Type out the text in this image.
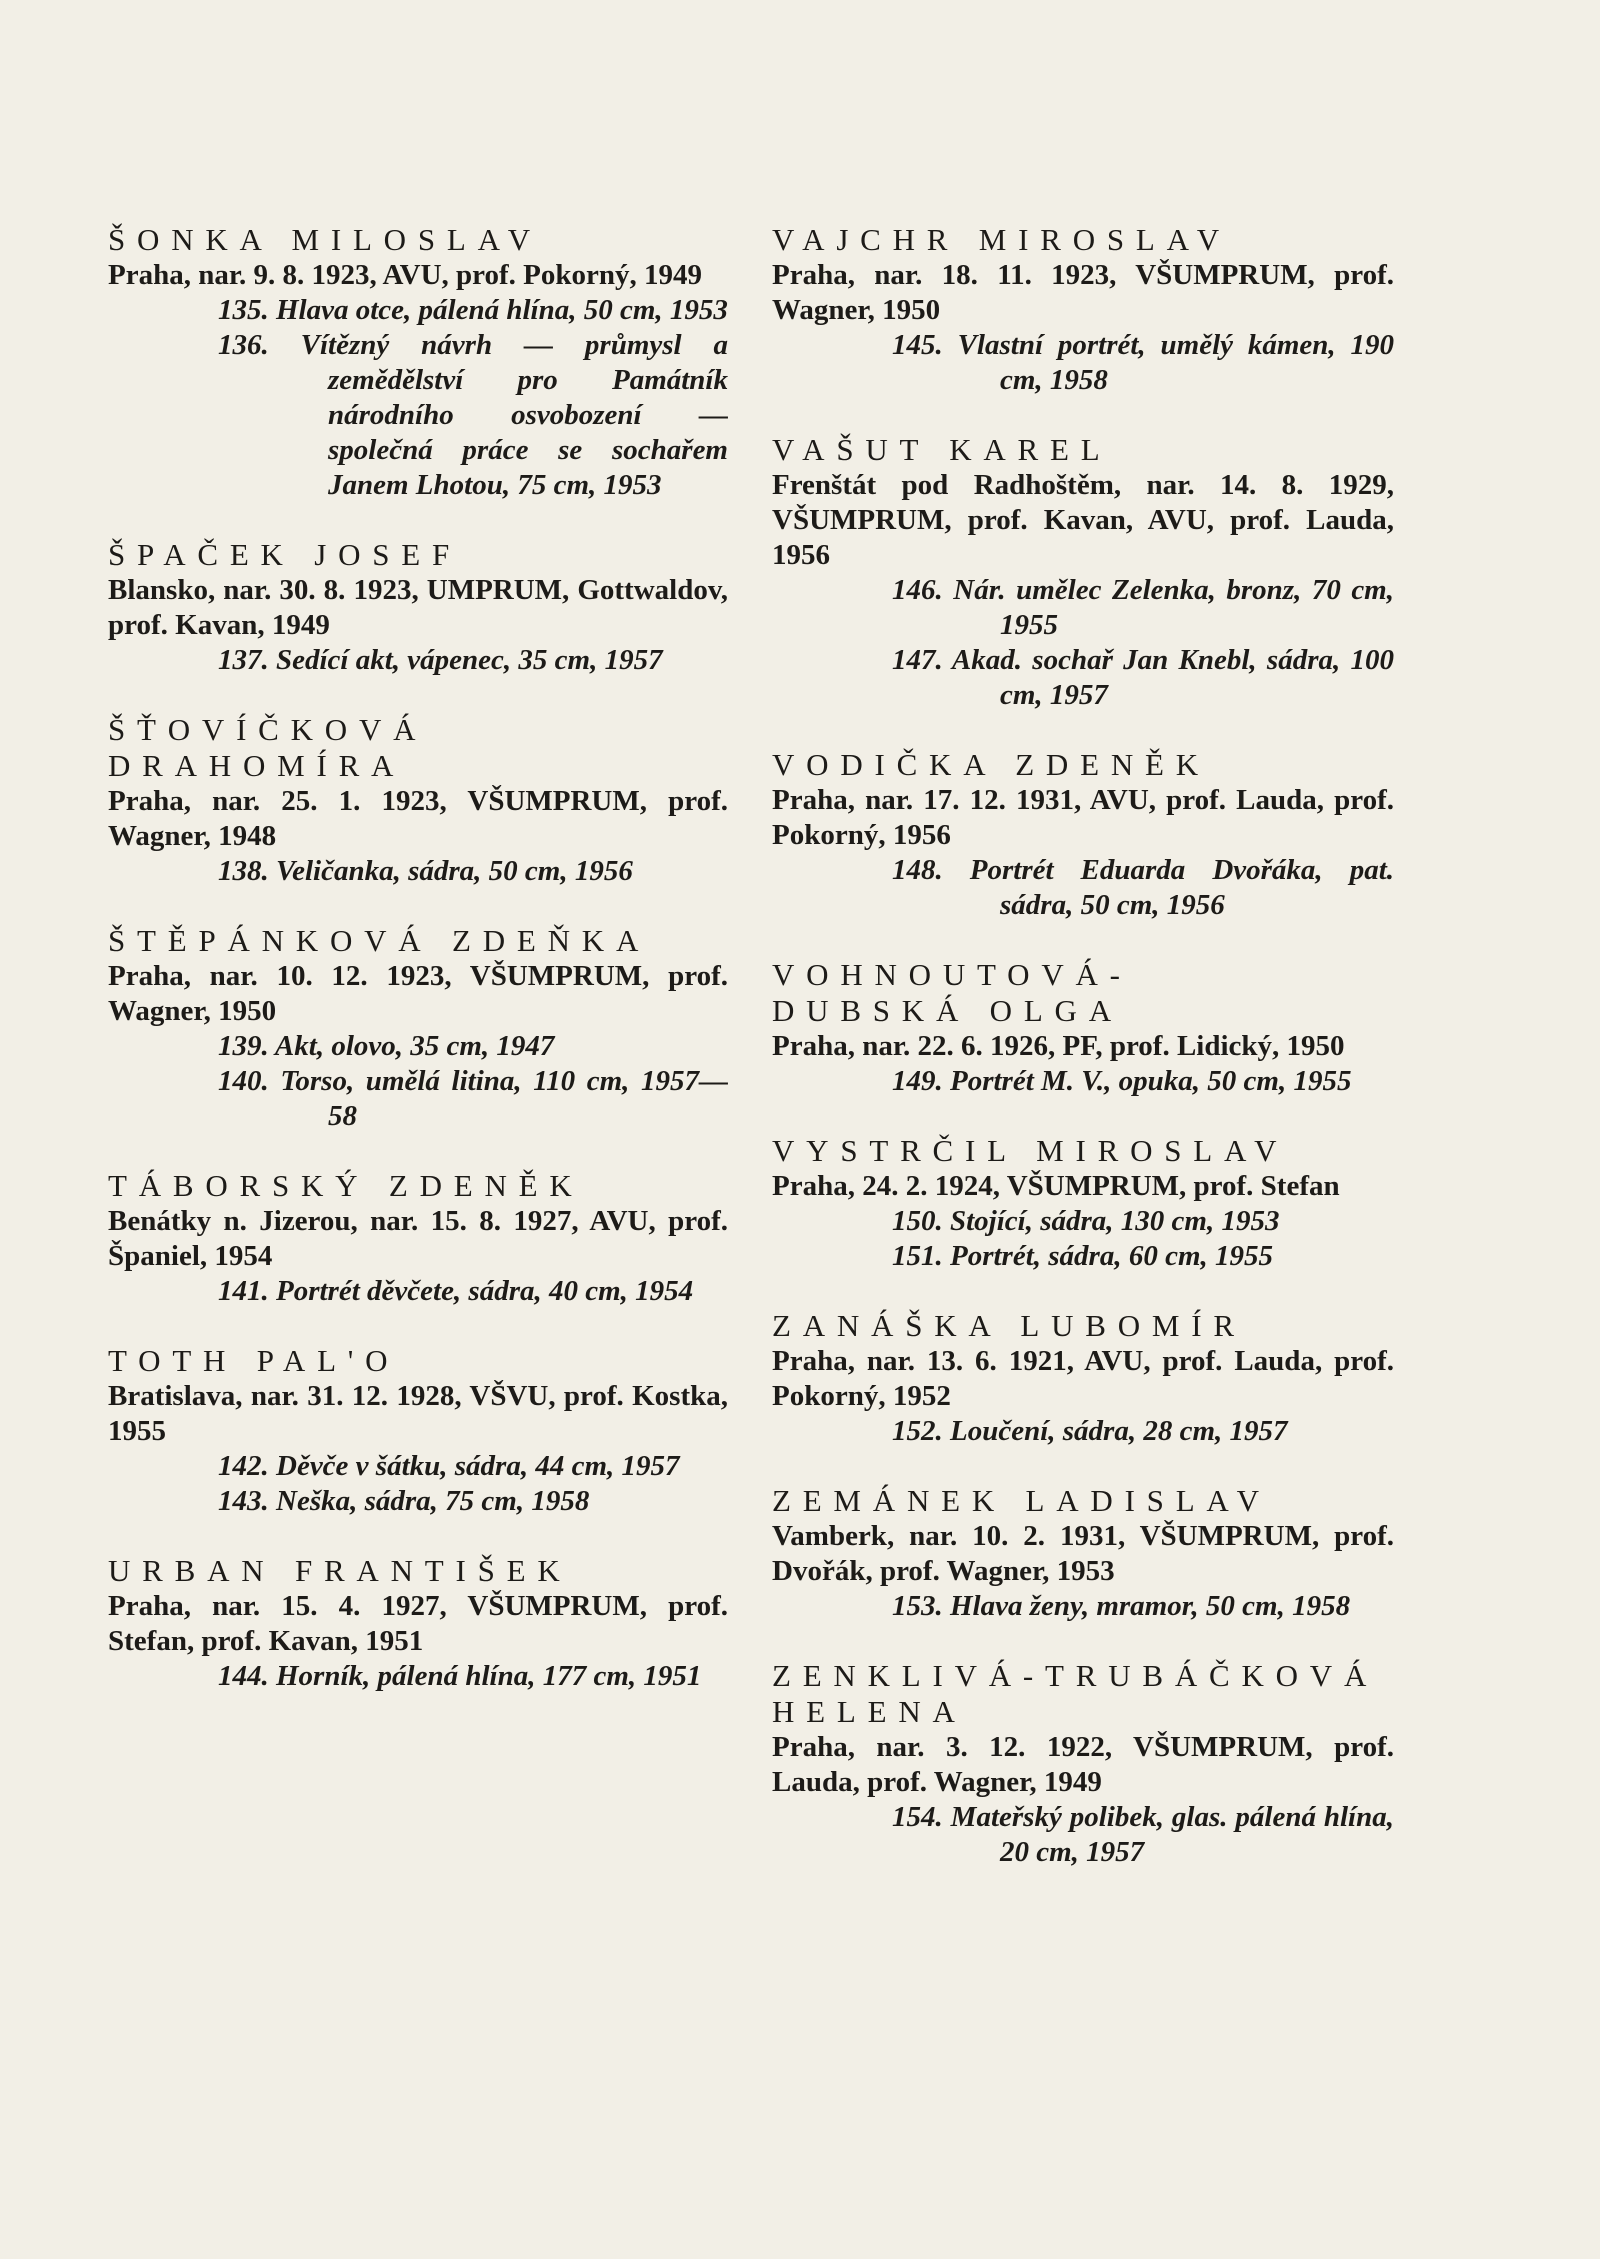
ŠONKA MILOSLAV

Praha, nar. 9. 8. 1923, AVU, prof. Pokorný, 1949

135. Hlava otce, pálená hlína, 50 cm, 1953

136. Vítězný návrh — průmysl a zemědělství pro Památník národního osvobození — společná práce se sochařem Janem Lhotou, 75 cm, 1953

ŠPAČEK JOSEF

Blansko, nar. 30. 8. 1923, UMPRUM, Gottwaldov, prof. Kavan, 1949

137. Sedící akt, vápenec, 35 cm, 1957

ŠŤOVÍČKOVÁ
DRAHOMÍRA

Praha, nar. 25. 1. 1923, VŠUMPRUM, prof. Wagner, 1948

138. Veličanka, sádra, 50 cm, 1956

ŠTĚPÁNKOVÁ ZDEŇKA

Praha, nar. 10. 12. 1923, VŠUMPRUM, prof. Wagner, 1950

139. Akt, olovo, 35 cm, 1947

140. Torso, umělá litina, 110 cm, 1957—58

TÁBORSKÝ ZDENĚK

Benátky n. Jizerou, nar. 15. 8. 1927, AVU, prof. Španiel, 1954

141. Portrét děvčete, sádra, 40 cm, 1954

TOTH PAL'O

Bratislava, nar. 31. 12. 1928, VŠVU, prof. Kostka, 1955

142. Děvče v šátku, sádra, 44 cm, 1957

143. Neška, sádra, 75 cm, 1958

URBAN FRANTIŠEK

Praha, nar. 15. 4. 1927, VŠUMPRUM, prof. Stefan, prof. Kavan, 1951

144. Horník, pálená hlína, 177 cm, 1951

VAJCHR MIROSLAV

Praha, nar. 18. 11. 1923, VŠUMPRUM, prof. Wagner, 1950

145. Vlastní portrét, umělý kámen, 190 cm, 1958

VAŠUT KAREL

Frenštát pod Radhoštěm, nar. 14. 8. 1929, VŠUMPRUM, prof. Kavan, AVU, prof. Lauda, 1956

146. Nár. umělec Zelenka, bronz, 70 cm, 1955

147. Akad. sochař Jan Knebl, sádra, 100 cm, 1957

VODIČKA ZDENĚK

Praha, nar. 17. 12. 1931, AVU, prof. Lauda, prof. Pokorný, 1956

148. Portrét Eduarda Dvořáka, pat. sádra, 50 cm, 1956

VOHNOUTOVÁ-
DUBSKÁ OLGA

Praha, nar. 22. 6. 1926, PF, prof. Lidický, 1950

149. Portrét M. V., opuka, 50 cm, 1955

VYSTRČIL MIROSLAV

Praha, 24. 2. 1924, VŠUMPRUM, prof. Stefan

150. Stojící, sádra, 130 cm, 1953

151. Portrét, sádra, 60 cm, 1955

ZANÁŠKA LUBOMÍR

Praha, nar. 13. 6. 1921, AVU, prof. Lauda, prof. Pokorný, 1952

152. Loučení, sádra, 28 cm, 1957

ZEMÁNEK LADISLAV

Vamberk, nar. 10. 2. 1931, VŠUMPRUM, prof. Dvořák, prof. Wagner, 1953

153. Hlava ženy, mramor, 50 cm, 1958

ZENKLIVÁ-TRUBÁČKOVÁ
HELENA

Praha, nar. 3. 12. 1922, VŠUMPRUM, prof. Lauda, prof. Wagner, 1949

154. Mateřský polibek, glas. pálená hlína, 20 cm, 1957
